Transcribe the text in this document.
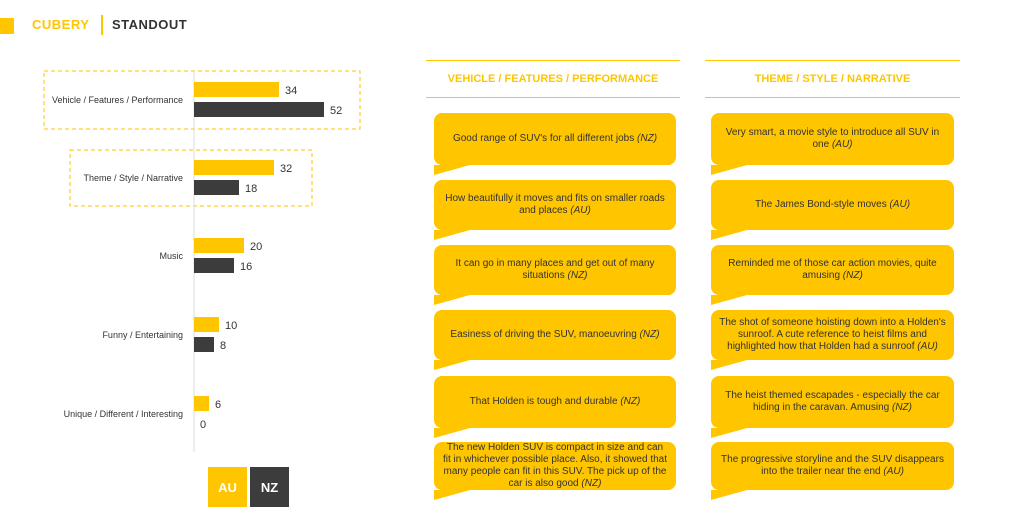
CUBERY STANDOUT
Vehicle / Features / Performance
34
52
Theme / Style / Narrative
32
18
Music
20
16
Funny / Entertaining
10
8
Unique / Different / Interesting
6
0
AU	NZ
VEHICLE / FEATURES / PERFORMANCE	THEME / STYLE / NARRATIVE
Good range of SUV's for all different jobs (NZ)
How beautifully it moves and fits on smaller roads and places (AU)
It can go in many places and get out of many situations (NZ)
Easiness of driving the SUV, manoeuvring (NZ)
That Holden is tough and durable (NZ)
The new Holden SUV is compact in size and can fit in whichever possible place. Also, it showed that many people can fit in this SUV. The pick up of the car is also good (NZ)
Very smart, a movie style to introduce all SUV in one (AU)
The James Bond-style moves (AU)
Reminded me of those car action movies, quite amusing (NZ)
The shot of someone hoisting down into a Holden's sunroof. A cute reference to heist films and highlighted how that Holden had a sunroof (AU)
The heist themed escapades - especially the car hiding in the caravan. Amusing (NZ)
The progressive storyline and the SUV disappears into the trailer near the end (AU)
